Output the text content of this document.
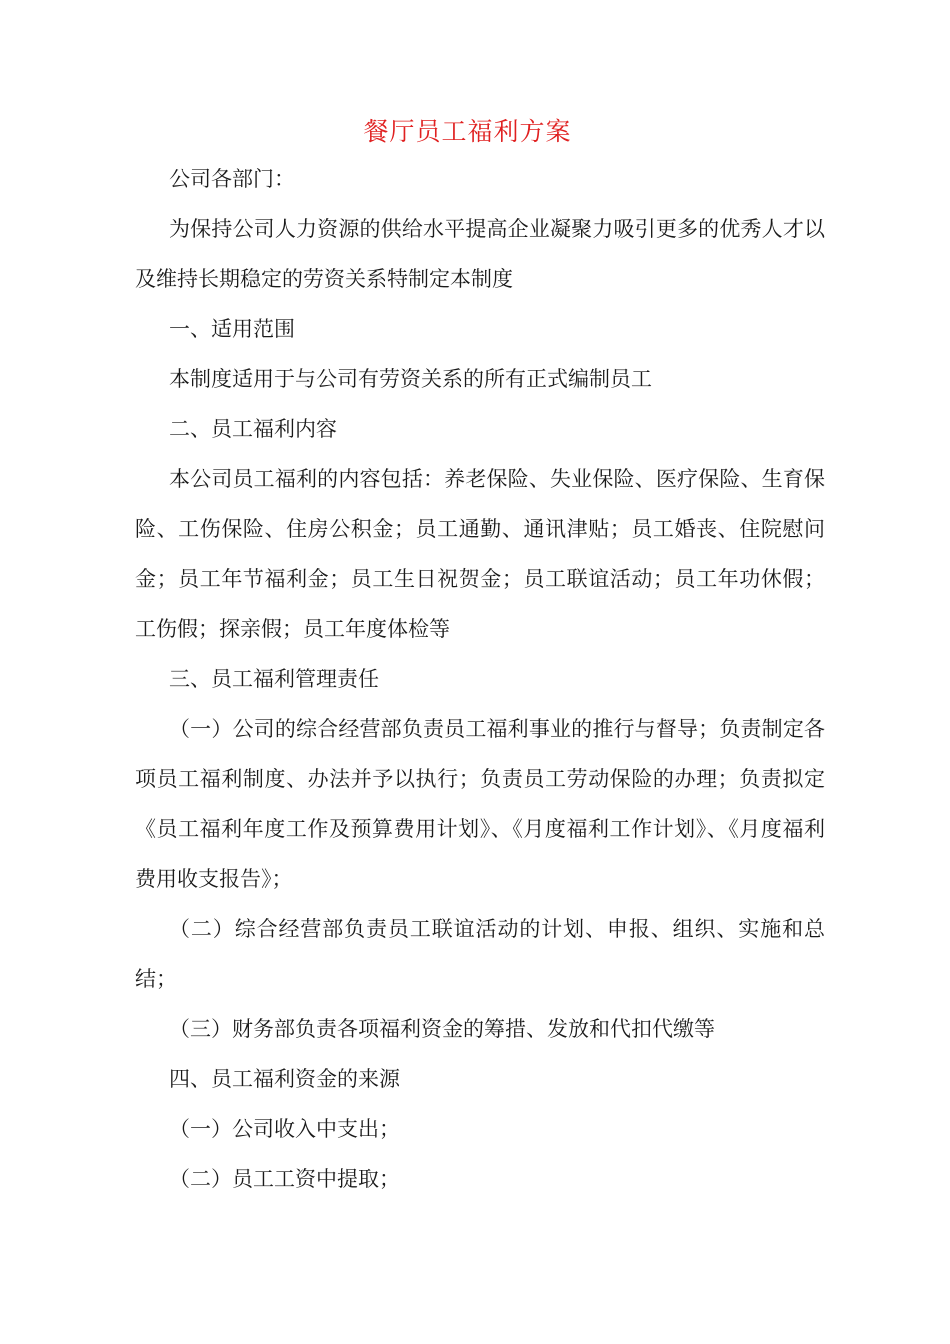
餐厅员工福利方案

公司各部门：

为保持公司人力资源的供给水平提高企业凝聚力吸引更多的优秀人才以及维持长期稳定的劳资关系特制定本制度

一、适用范围

本制度适用于与公司有劳资关系的所有正式编制员工

二、员工福利内容

本公司员工福利的内容包括：养老保险、失业保险、医疗保险、生育保险、工伤保险、住房公积金；员工通勤、通讯津贴；员工婚丧、住院慰问金；员工年节福利金；员工生日祝贺金；员工联谊活动；员工年功休假；工伤假；探亲假；员工年度体检等

三、员工福利管理责任

（一）公司的综合经营部负责员工福利事业的推行与督导；负责制定各项员工福利制度、办法并予以执行；负责员工劳动保险的办理；负责拟定《员工福利年度工作及预算费用计划》、《月度福利工作计划》、《月度福利费用收支报告》；

（二）综合经营部负责员工联谊活动的计划、申报、组织、实施和总结；

（三）财务部负责各项福利资金的筹措、发放和代扣代缴等

四、员工福利资金的来源

（一）公司收入中支出；

（二）员工工资中提取；
